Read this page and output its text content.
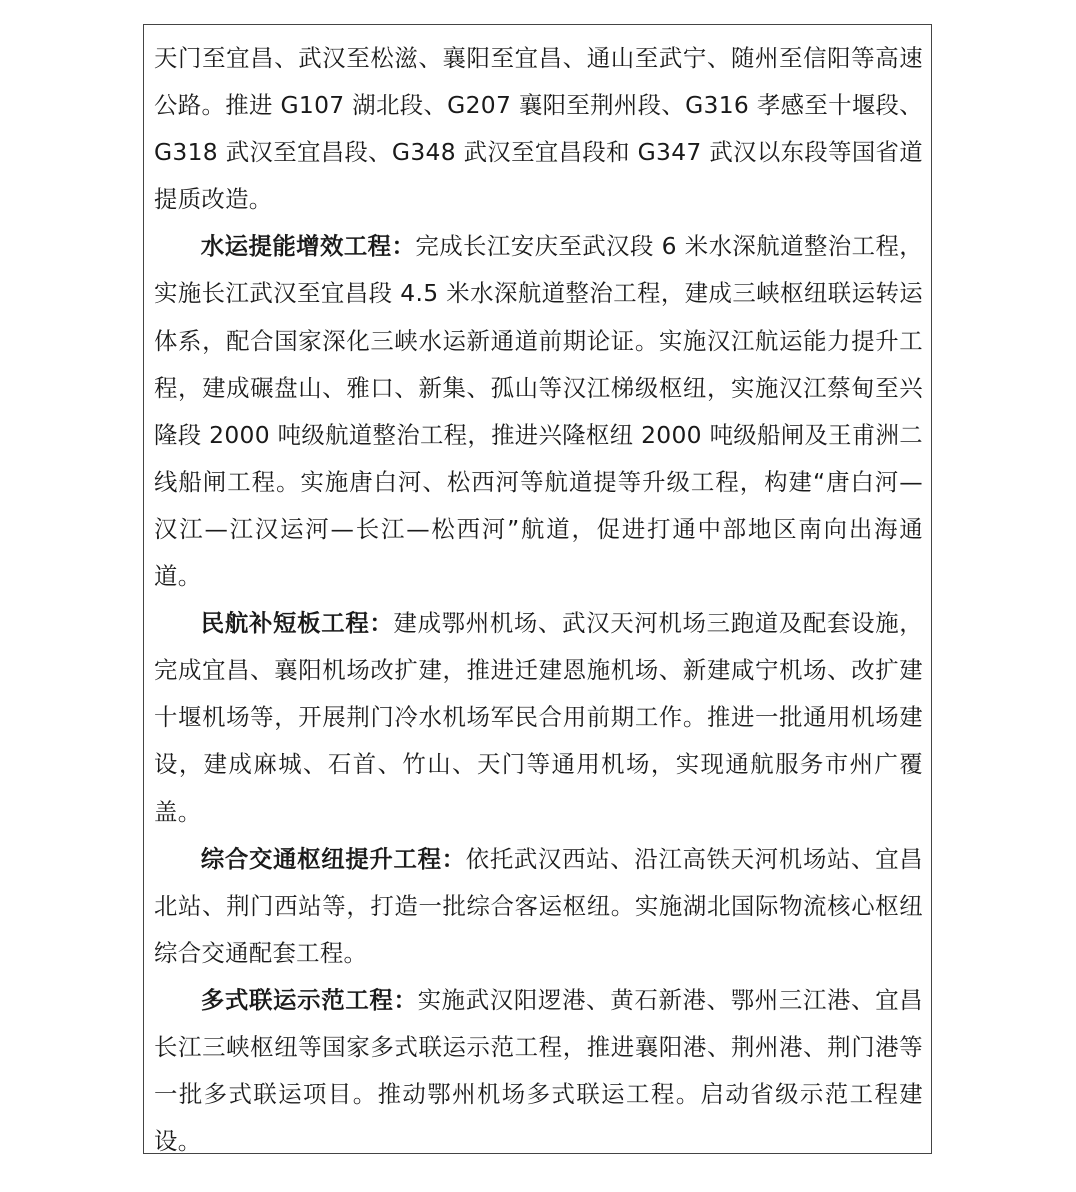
天门至宜昌、武汉至松滋、襄阳至宜昌、通山至武宁、随州至信阳等高速公路。推进 G107 湖北段、G207 襄阳至荆州段、G316 孝感至十堰段、G318 武汉至宜昌段、G348 武汉至宜昌段和 G347 武汉以东段等国省道提质改造。

水运提能增效工程：完成长江安庆至武汉段 6 米水深航道整治工程，实施长江武汉至宜昌段 4.5 米水深航道整治工程，建成三峡枢纽联运转运体系，配合国家深化三峡水运新通道前期论证。实施汉江航运能力提升工程，建成碾盘山、雅口、新集、孤山等汉江梯级枢纽，实施汉江蔡甸至兴隆段 2000 吨级航道整治工程，推进兴隆枢纽 2000 吨级船闸及王甫洲二线船闸工程。实施唐白河、松西河等航道提等升级工程，构建“唐白河—汉江—江汉运河—长江—松西河”航道，促进打通中部地区南向出海通道。

民航补短板工程：建成鄂州机场、武汉天河机场三跑道及配套设施，完成宜昌、襄阳机场改扩建，推进迁建恩施机场、新建咸宁机场、改扩建十堰机场等，开展荆门冷水机场军民合用前期工作。推进一批通用机场建设，建成麻城、石首、竹山、天门等通用机场，实现通航服务市州广覆盖。

综合交通枢纽提升工程：依托武汉西站、沿江高铁天河机场站、宜昌北站、荆门西站等，打造一批综合客运枢纽。实施湖北国际物流核心枢纽综合交通配套工程。

多式联运示范工程：实施武汉阳逻港、黄石新港、鄂州三江港、宜昌长江三峡枢纽等国家多式联运示范工程，推进襄阳港、荆州港、荆门港等一批多式联运项目。推动鄂州机场多式联运工程。启动省级示范工程建设。
